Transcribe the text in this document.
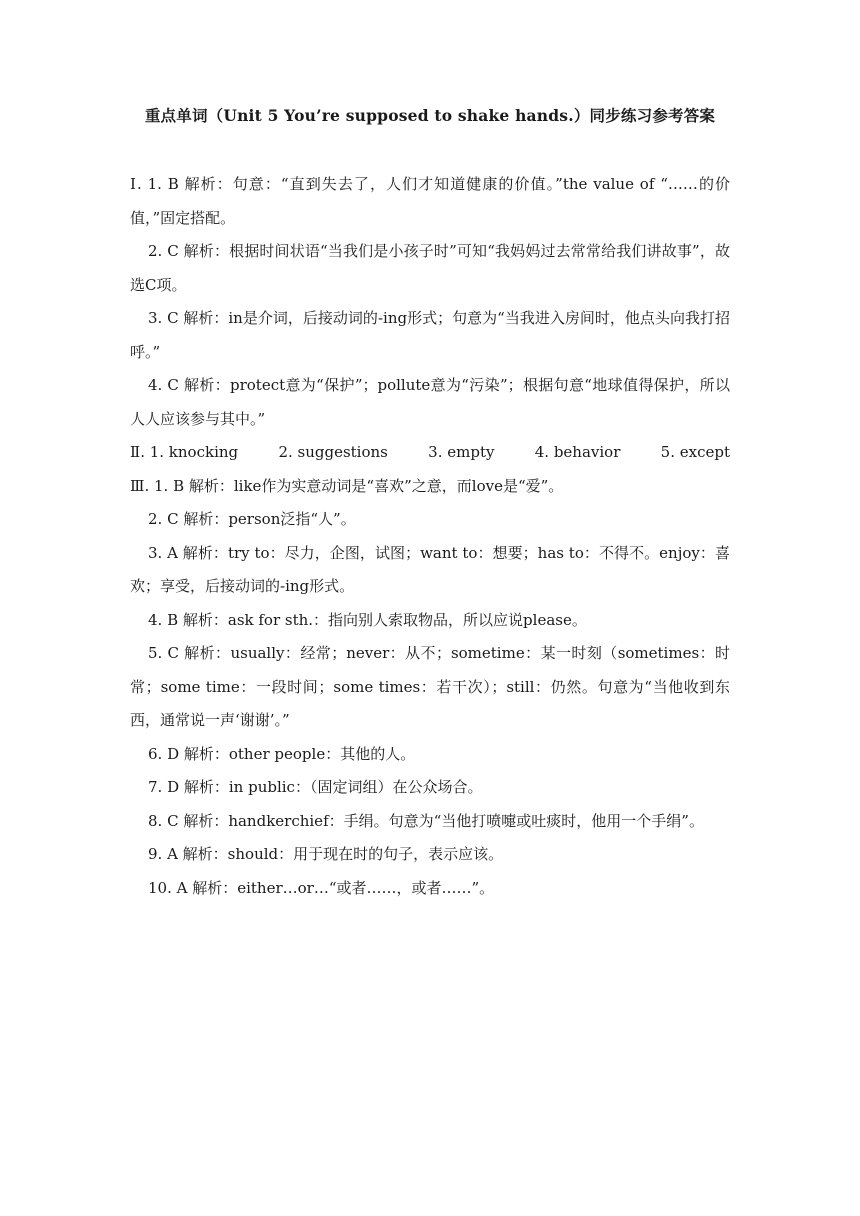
重点单词（Unit 5 You’re supposed to shake hands.）同步练习参考答案

Ⅰ. 1. B 解析：句意：“直到失去了，人们才知道健康的价值。”the value of “……的价值，”固定搭配。

2. C 解析：根据时间状语“当我们是小孩子时”可知“我妈妈过去常常给我们讲故事”，故选C项。

3. C 解析：in是介词，后接动词的-ing形式；句意为“当我进入房间时，他点头向我打招呼。”

4. C 解析：protect意为“保护”；pollute意为“污染”；根据句意“地球值得保护，所以人人应该参与其中。”

Ⅱ. 1. knocking	2. suggestions	3. empty	4. behavior	5. except

Ⅲ. 1. B 解析：like作为实意动词是“喜欢”之意，而love是“爱”。

2. C 解析：person泛指“人”。

3. A 解析：try to：尽力，企图，试图；want to：想要；has to：不得不。enjoy：喜欢；享受，后接动词的-ing形式。

4. B 解析：ask for sth.：指向别人索取物品，所以应说please。

5. C 解析：usually：经常；never：从不；sometime：某一时刻（sometimes：时常；some time：一段时间；some times：若干次）；still：仍然。句意为“当他收到东西，通常说一声‘谢谢’。”

6. D 解析：other people：其他的人。

7. D 解析：in public：（固定词组）在公众场合。

8. C 解析：handkerchief：手绢。句意为“当他打喷嚏或吐痰时，他用一个手绢”。

9. A 解析：should：用于现在时的句子，表示应该。

10. A 解析：either…or…“或者……，或者……”。
